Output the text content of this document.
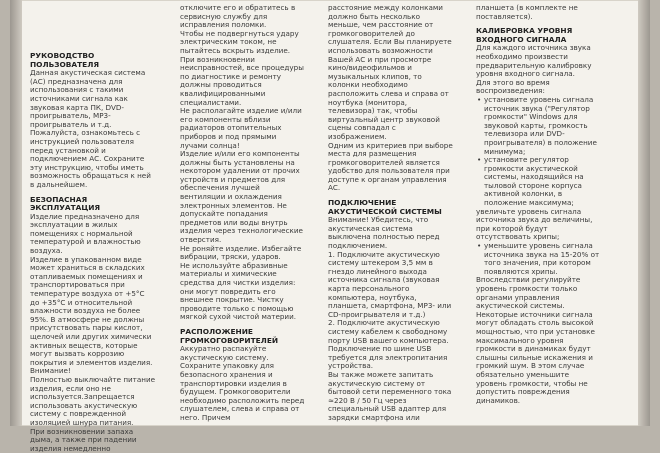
РУКОВОДСТВО ПОЛЬЗОВАТЕЛЯ

Данная акустическая система (АС) предназначена для использования с такими источниками сигнала как звуковая карта ПК, DVD-проигрыватель, MP3-проигрыватель и т.д. Пожалуйста, ознакомьтесь с инструкцией пользователя перед установкой и подключением АС. Сохраните эту инструкцию, чтобы иметь возможность обращаться к ней в дальнейшем.

БЕЗОПАСНАЯ ЭКСПЛУАТАЦИЯ

Изделие предназначено для эксплуатации в жилых помещениях с нормальной температурой и влажностью воздуха.

Изделие в упакованном виде может храниться в складских отапливаемых помещениях и транспортироваться при температуре воздуха от +5°С до +35°С и относительной влажности воздуха не более 95%. В атмосфере не должны присутствовать пары кислот, щелочей или других химически активных веществ, которые могут вызвать коррозию покрытия и элементов изделия. Внимание!

Полностью выключайте питание изделия, если оно не используется.Запрещается использовать акустическую систему с поврежденной изоляцией шнура питания.

При возникновении запаха дыма, а также при падении изделия немедленно

отключите его и обратитесь в сервисную службу для исправления поломки.

Чтобы не подвергнуться удару электрическим током, не пытайтесь вскрыть изделие. При возникновении неисправностей, все процедуры по диагностике и ремонту должны проводиться квалифицированными специалистами.

Не располагайте изделие и/или его компоненты вблизи радиаторов отопительных приборов и под прямыми лучами солнца!

Изделие и/или его компоненты должны быть установлены на некотором удалении от прочих устройств и предметов для обеспечения лучшей вентиляции и охлаждения электронных элементов. Не допускайте попадания предметов или воды внутрь изделия через технологические отверстия.

Не роняйте изделие. Избегайте вибрации, тряски, ударов.

Не используйте абразивные материалы и химические средства для чистки изделия: они могут повредить его внешнее покрытие. Чистку проводите только с помощью мягкой сухой чистой материи.

РАСПОЛОЖЕНИЕ ГРОМКОГОВОРИТЕЛЕЙ

Аккуратно распакуйте акустическую систему. Сохраните упаковку для безопасного хранения и транспортировки изделия в будущем. Громкоговорители необходимо расположить перед слушателем, слева и справа от него. Причем

расстояние между колонками должно быть несколько меньше, чем расстояние от громкоговорителей до слушателя. Если Вы планируете использовать возможности Вашей АС и при просмотре кино/видеофильмов и музыкальных клипов, то колонки необходимо расположить слева и справа от ноутбука (монитора, телевизора) так, чтобы виртуальный центр звуковой сцены совпадал с изображением.

Одним из критериев при выборе места для размещения громкоговорителей является удобство для пользователя при доступе к органам управления АС.

ПОДКЛЮЧЕНИЕ АКУСТИЧЕСКОЙ СИСТЕМЫ

Внимание! Убедитесь, что акустическая система выключена полностью перед подключением.

1. Подключите акустическую систему штекером 3,5 мм в гнездо линейного выхода источника сигнала (звуковая карта персонального компьютера, ноутбука, планшета, смартфона, MP3- или CD-проигрывателя и т.д.)

2. Подключите акустическую систему кабелем к свободному порту USB вашего компьютера. Подключение по шине USB требуется для электропитания устройства.

Вы также можете запитать акустическую систему от бытовой сети переменного тока ≈220 В / 50 Гц через специальный USB адаптер для зарядки смартфона или

планшета (в комплекте не поставляется).

КАЛИБРОВКА УРОВНЯ ВХОДНОГО СИГНАЛА

Для каждого источника звука необходимо произвести предварительную калибровку уровня входного сигнала.

Для этого во время воспроизведения:

• установите уровень сигнала источник звука ("Регулятор громкости" Windows для звуковой карты, громкость телевизора или DVD-проигрывателя) в положение минимума;

• установите регулятор громкости акустической системы, находящийся на тыловой стороне корпуса активной колонки, в положение максимума;

увеличьте уровень сигнала источника звука до величины, при которой будут отсутствовать хрипы;

• уменьшите уровень сигнала источника звука на 15-20% от того значения, при котором появляются хрипы.

Впоследствии регулируйте уровень громкости только органами управления акустической системы. Некоторые источники сигнала могут обладать столь высокой мощностью, что при установке максимального уровня громкости в динамиках будут слышны сильные искажения и громкий шум. В этом случае обязательно уменьшите уровень громкости, чтобы не допустить повреждения динамиков.
